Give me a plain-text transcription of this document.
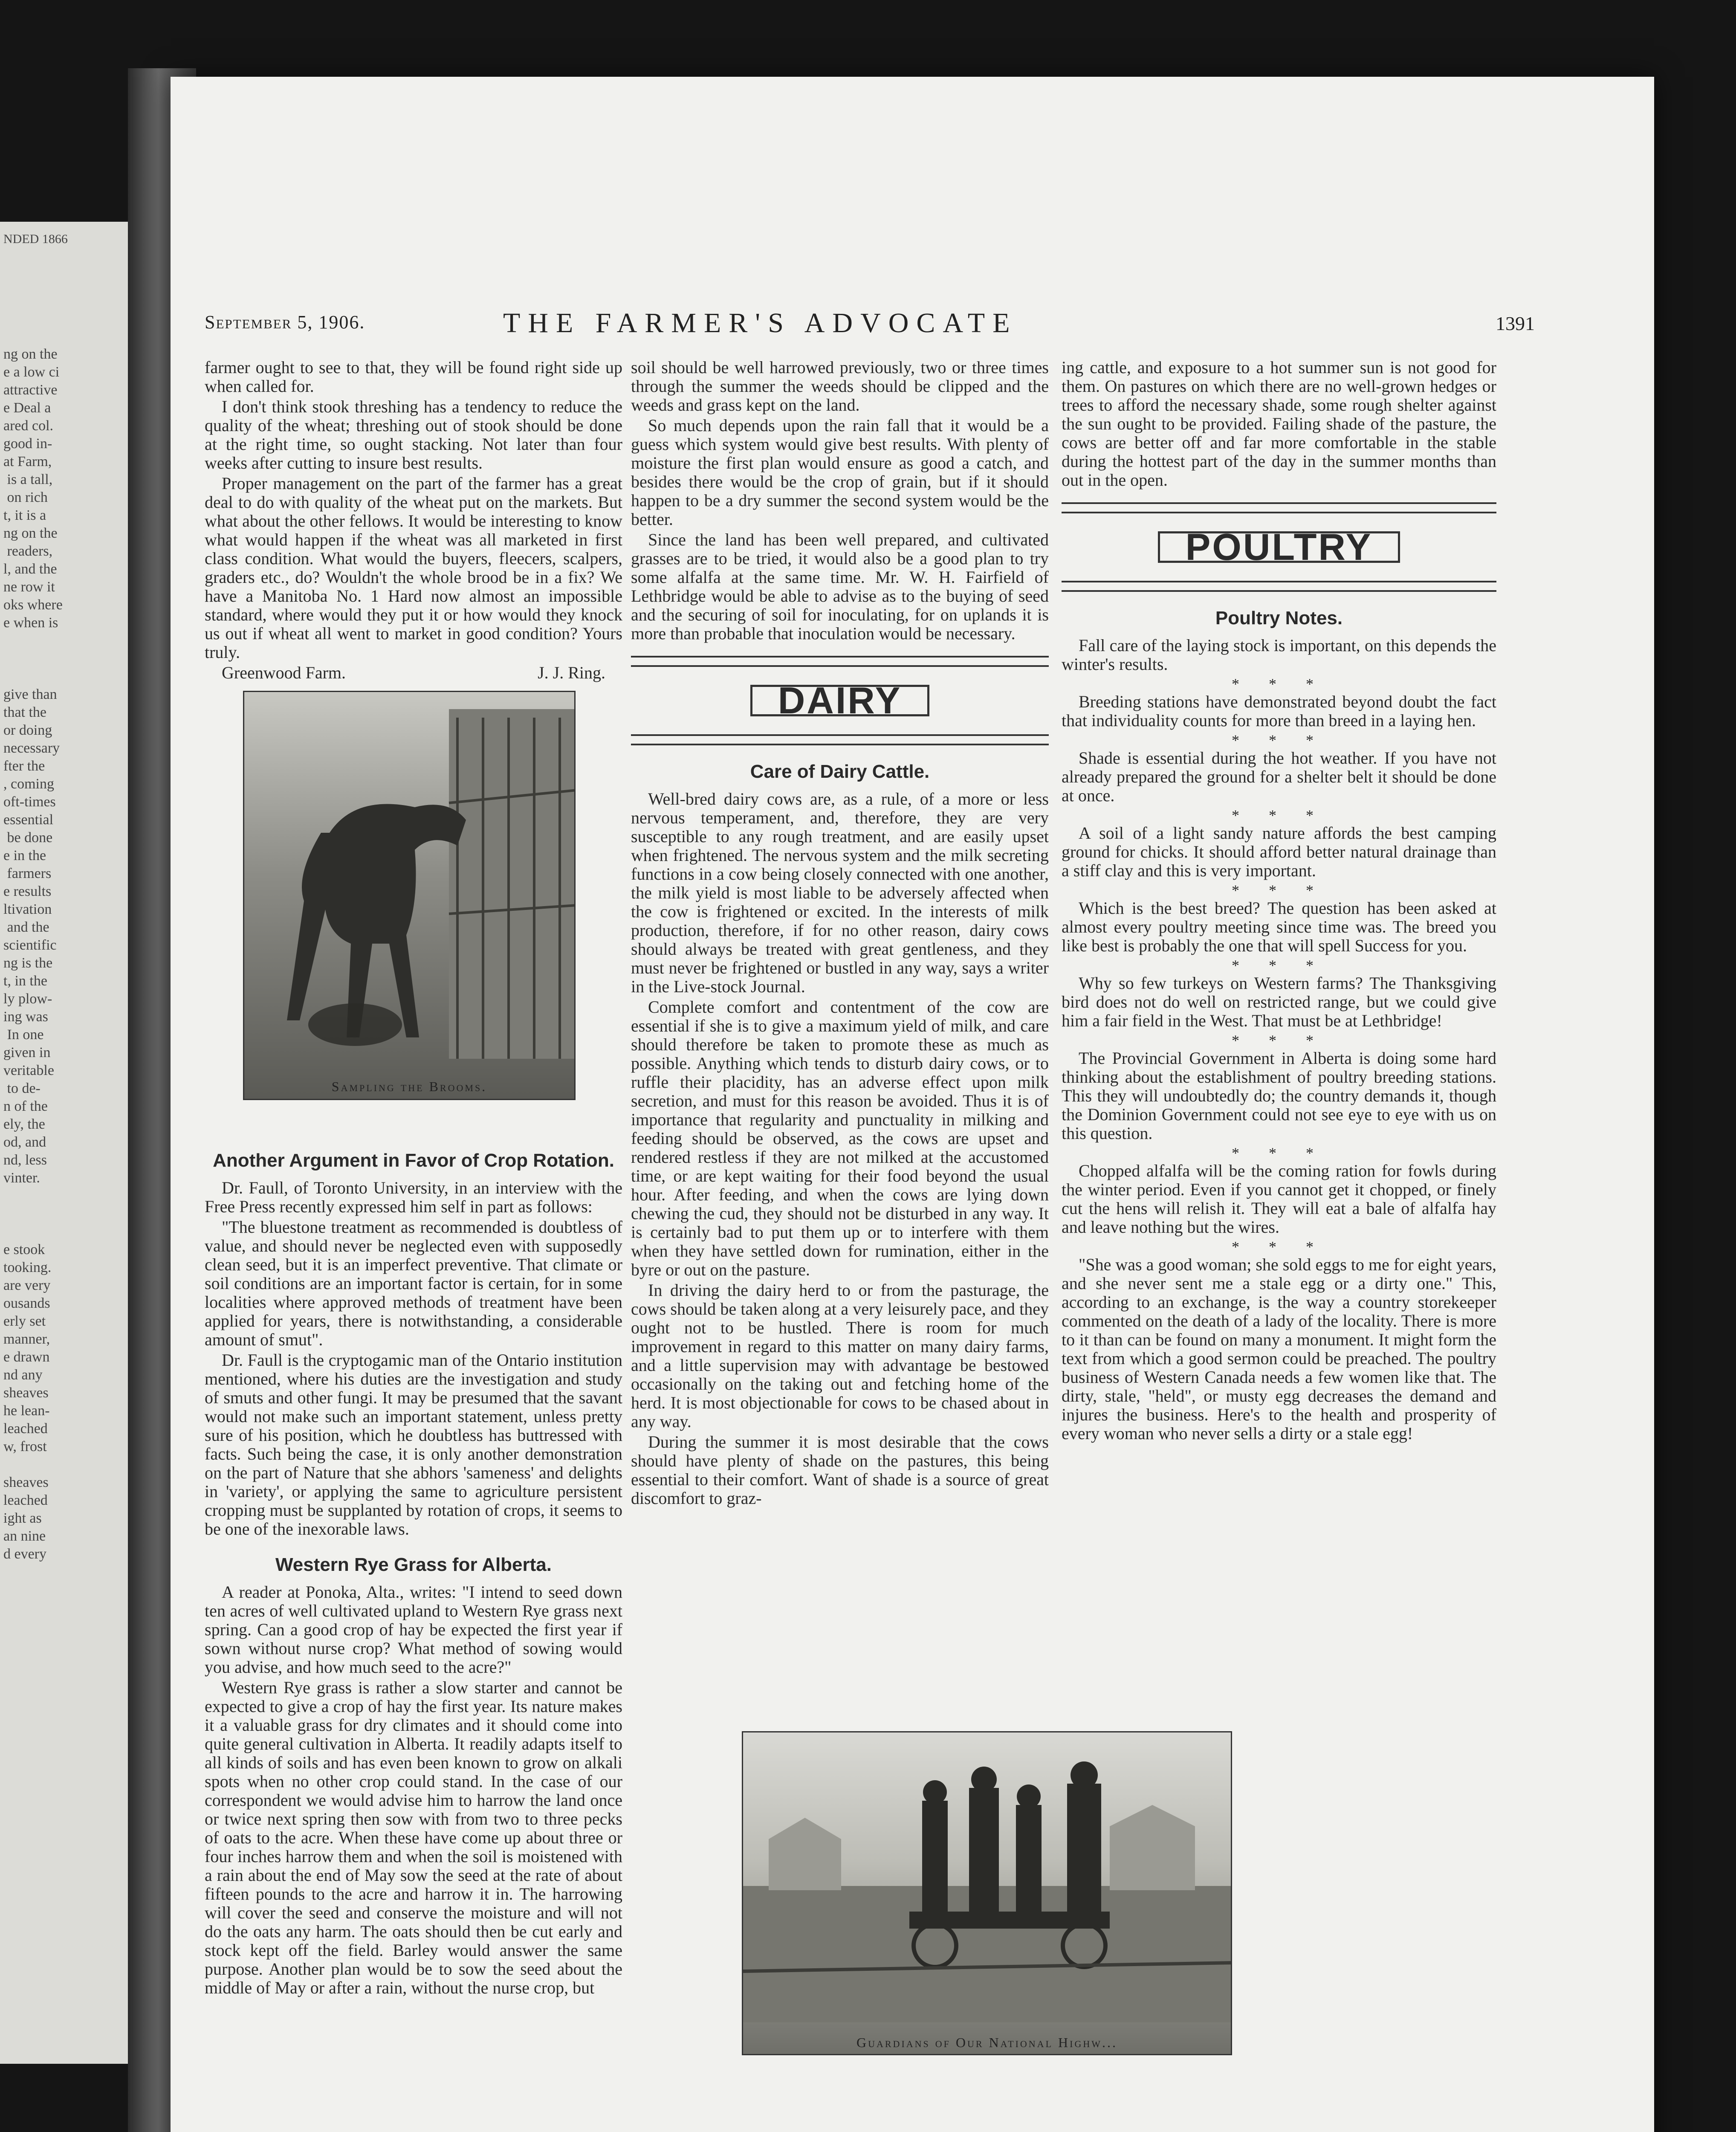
NDED 1866
ng on the
e a low ci
attractive
e Deal a
ared col.
good in-
at Farm,
is a tall,
on rich
t, it is a
ng on the
readers,
l, and the
ne row it
oks where
e when is

give than
that the
or doing
necessary
fter the
, coming
oft-times
essential
be done
e in the
farmers
e results
ltivation
and the
scientific
ng is the
t, in the
ly plow-
ing was
In one
given in
veritable
to de-
n of the
ely, the
od, and
nd, less
vinter.

e stook
tooking.
are very
ousands
erly set
manner,
e drawn
nd any
sheaves
he lean-
leached
w, frost

sheaves
leached
ight as
an nine
d every
September 5, 1906.	THE FARMER'S ADVOCATE	1391

farmer ought to see to that, they will be found right side up when called for.

I don't think stook threshing has a tendency to reduce the quality of the wheat; threshing out of stook should be done at the right time, so ought stacking. Not later than four weeks after cutting to insure best results.

Proper management on the part of the farmer has a great deal to do with quality of the wheat put on the markets. But what about the other fellows. It would be interesting to know what would happen if the wheat was all marketed in first class condition. What would the buyers, fleecers, scalpers, graders etc., do? Wouldn't the whole brood be in a fix? We have a Manitoba No. 1 Hard now almost an impossible standard, where would they put it or how would they knock us out if wheat all went to market in good condition? Yours truly.

Greenwood Farm.	J. J. Ring.
Sampling the Brooms.
Another Argument in Favor of Crop Rotation.

Dr. Faull, of Toronto University, in an interview with the Free Press recently expressed him self in part as follows:

"The bluestone treatment as recommended is doubtless of value, and should never be neglected even with supposedly clean seed, but it is an imperfect preventive. That climate or soil conditions are an important factor is certain, for in some localities where approved methods of treatment have been applied for years, there is notwithstanding, a considerable amount of smut".

Dr. Faull is the cryptogamic man of the Ontario institution mentioned, where his duties are the investigation and study of smuts and other fungi. It may be presumed that the savant would not make such an important statement, unless pretty sure of his position, which he doubtless has buttressed with facts. Such being the case, it is only another demonstration on the part of Nature that she abhors 'sameness' and delights in 'variety', or applying the same to agriculture persistent cropping must be supplanted by rotation of crops, it seems to be one of the inexorable laws.

Western Rye Grass for Alberta.

A reader at Ponoka, Alta., writes: "I intend to seed down ten acres of well cultivated upland to Western Rye grass next spring. Can a good crop of hay be expected the first year if sown without nurse crop? What method of sowing would you advise, and how much seed to the acre?"

Western Rye grass is rather a slow starter and cannot be expected to give a crop of hay the first year. Its nature makes it a valuable grass for dry climates and it should come into quite general cultivation in Alberta. It readily adapts itself to all kinds of soils and has even been known to grow on alkali spots when no other crop could stand. In the case of our correspondent we would advise him to harrow the land once or twice next spring then sow with from two to three pecks of oats to the acre. When these have come up about three or four inches harrow them and when the soil is moistened with a rain about the end of May sow the seed at the rate of about fifteen pounds to the acre and harrow it in. The harrowing will cover the seed and conserve the moisture and will not do the oats any harm. The oats should then be cut early and stock kept off the field. Barley would answer the same purpose. Another plan would be to sow the seed about the middle of May or after a rain, without the nurse crop, but

soil should be well harrowed previously, two or three times through the summer the weeds should be clipped and the weeds and grass kept on the land.

So much depends upon the rain fall that it would be a guess which system would give best results. With plenty of moisture the first plan would ensure as good a catch, and besides there would be the crop of grain, but if it should happen to be a dry summer the second system would be the better.

Since the land has been well prepared, and cultivated grasses are to be tried, it would also be a good plan to try some alfalfa at the same time. Mr. W. H. Fairfield of Lethbridge would be able to advise as to the buying of seed and the securing of soil for inoculating, for on uplands it is more than probable that inoculation would be necessary.

DAIRY
Care of Dairy Cattle.

Well-bred dairy cows are, as a rule, of a more or less nervous temperament, and, therefore, they are very susceptible to any rough treatment, and are easily upset when frightened. The nervous system and the milk secreting functions in a cow being closely connected with one another, the milk yield is most liable to be adversely affected when the cow is frightened or excited. In the interests of milk production, therefore, if for no other reason, dairy cows should always be treated with great gentleness, and they must never be frightened or bustled in any way, says a writer in the Live-stock Journal.

Complete comfort and contentment of the cow are essential if she is to give a maximum yield of milk, and care should therefore be taken to promote these as much as possible. Anything which tends to disturb dairy cows, or to ruffle their placidity, has an adverse effect upon milk secretion, and must for this reason be avoided. Thus it is of importance that regularity and punctuality in milking and feeding should be observed, as the cows are upset and rendered restless if they are not milked at the accustomed time, or are kept waiting for their food beyond the usual hour. After feeding, and when the cows are lying down chewing the cud, they should not be disturbed in any way. It is certainly bad to put them up or to interfere with them when they have settled down for rumination, either in the byre or out on the pasture.

In driving the dairy herd to or from the pasturage, the cows should be taken along at a very leisurely pace, and they ought not to be hustled. There is room for much improvement in regard to this matter on many dairy farms, and a little supervision may with advantage be bestowed occasionally on the taking out and fetching home of the herd. It is most objectionable for cows to be chased about in any way.

During the summer it is most desirable that the cows should have plenty of shade on the pastures, this being essential to their comfort. Want of shade is a source of great discomfort to graz-

ing cattle, and exposure to a hot summer sun is not good for them. On pastures on which there are no well-grown hedges or trees to afford the necessary shade, some rough shelter against the sun ought to be provided. Failing shade of the pasture, the cows are better off and far more comfortable in the stable during the hottest part of the day in the summer months than out in the open.

POULTRY
Poultry Notes.

Fall care of the laying stock is important, on this depends the winter's results.

* * *

Breeding stations have demonstrated beyond doubt the fact that individuality counts for more than breed in a laying hen.

* * *

Shade is essential during the hot weather. If you have not already prepared the ground for a shelter belt it should be done at once.

* * *

A soil of a light sandy nature affords the best camping ground for chicks. It should afford better natural drainage than a stiff clay and this is very important.

* * *

Which is the best breed? The question has been asked at almost every poultry meeting since time was. The breed you like best is probably the one that will spell Success for you.

* * *

Why so few turkeys on Western farms? The Thanksgiving bird does not do well on restricted range, but we could give him a fair field in the West. That must be at Lethbridge!

* * *

The Provincial Government in Alberta is doing some hard thinking about the establishment of poultry breeding stations. This they will undoubtedly do; the country demands it, though the Dominion Government could not see eye to eye with us on this question.

* * *

Chopped alfalfa will be the coming ration for fowls during the winter period. Even if you cannot get it chopped, or finely cut the hens will relish it. They will eat a bale of alfalfa hay and leave nothing but the wires.

* * *

"She was a good woman; she sold eggs to me for eight years, and she never sent me a stale egg or a dirty one." This, according to an exchange, is the way a country storekeeper commented on the death of a lady of the locality. There is more to it than can be found on many a monument. It might form the text from which a good sermon could be preached. The poultry business of Western Canada needs a few women like that. The dirty, stale, "held", or musty egg decreases the demand and injures the business. Here's to the health and prosperity of every woman who never sells a dirty or a stale egg!

Guardians of Our National Highw...
